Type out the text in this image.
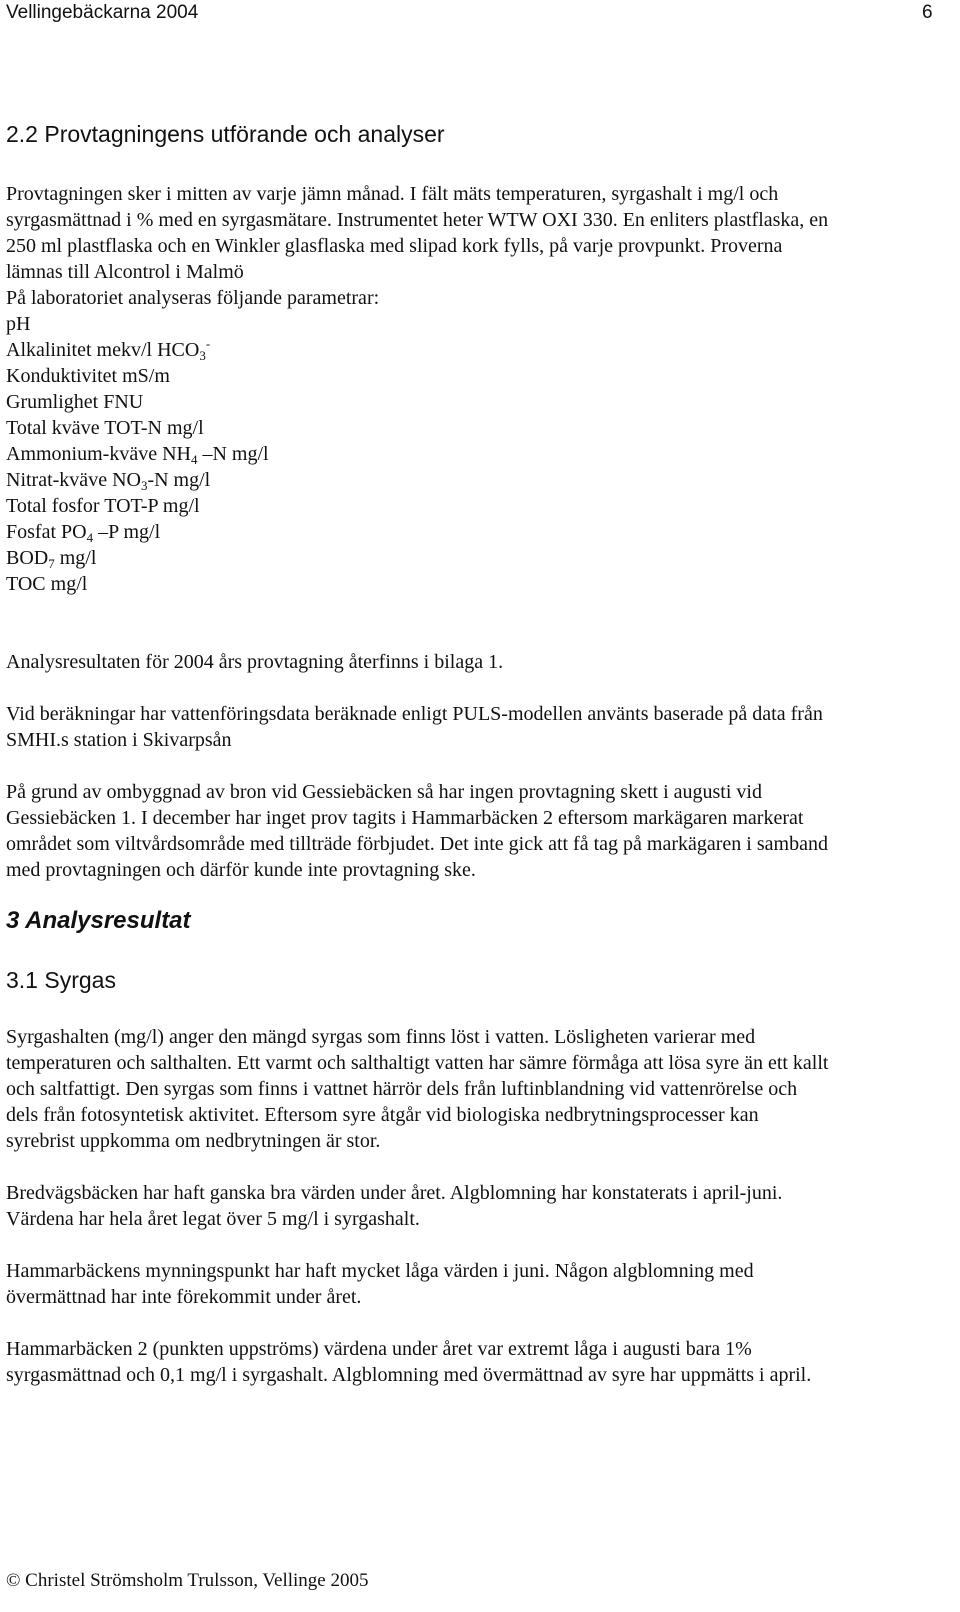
Vellingebäckarna 2004	6
2.2 Provtagningens utförande och analyser
Provtagningen sker i mitten av varje jämn månad. I fält mäts temperaturen, syrgashalt i mg/l och
syrgasmättnad i % med en syrgasmätare. Instrumentet heter WTW OXI 330. En enliters plastflaska, en
250 ml plastflaska och en Winkler glasflaska med slipad kork fylls, på varje provpunkt. Proverna
lämnas till Alcontrol i Malmö
På laboratoriet analyseras följande parametrar:
pH
Alkalinitet mekv/l $HCO_3^-$
Konduktivitet mS/m
Grumlighet FNU
Total kväve TOT-N mg/l
Ammonium-kväve $NH_4$ –N mg/l
Nitrat-kväve $NO_3-N$ mg/l
Total fosfor TOT-P mg/l
Fosfat $PO_4$ –P mg/l
$BOD_7$ mg/l
TOC mg/l
Analysresultaten för 2004 års provtagning återfinns i bilaga 1.
Vid beräkningar har vattenföringsdata beräknade enligt PULS-modellen använts baserade på data från
SMHI.s station i Skivarpsån
På grund av ombyggnad av bron vid Gessiebäcken så har ingen provtagning skett i augusti vid
Gessiebäcken 1. I december har inget prov tagits i Hammarbäcken 2 eftersom markägaren markerat
området som viltvårdsområde med tillträde förbjudet. Det inte gick att få tag på markägaren i samband
med provtagningen och därför kunde inte provtagning ske.
3 Analysresultat
3.1 Syrgas
Syrgashalten (mg/l) anger den mängd syrgas som finns löst i vatten. Lösligheten varierar med
temperaturen och salthalten. Ett varmt och salthaltigt vatten har sämre förmåga att lösa syre än ett kallt
och saltfattigt. Den syrgas som finns i vattnet härrör dels från luftinblandning vid vattenrörelse och
dels från fotosyntetisk aktivitet. Eftersom syre åtgår vid biologiska nedbrytningsprocesser kan
syrebrist uppkomma om nedbrytningen är stor.
Bredvägsbäcken har haft ganska bra värden under året. Algblomning har konstaterats i april-juni.
Värdena har hela året legat över 5 mg/l i syrgashalt.
Hammarbäckens mynningspunkt har haft mycket låga värden i juni. Någon algblomning med
övermättnad har inte förekommit under året.
Hammarbäcken 2 (punkten uppströms) värdena under året var extremt låga i augusti bara 1%
syrgasmättnad och 0,1 mg/l i syrgashalt. Algblomning med övermättnad av syre har uppmätts i april.
© Christel Strömsholm Trulsson, Vellinge 2005
